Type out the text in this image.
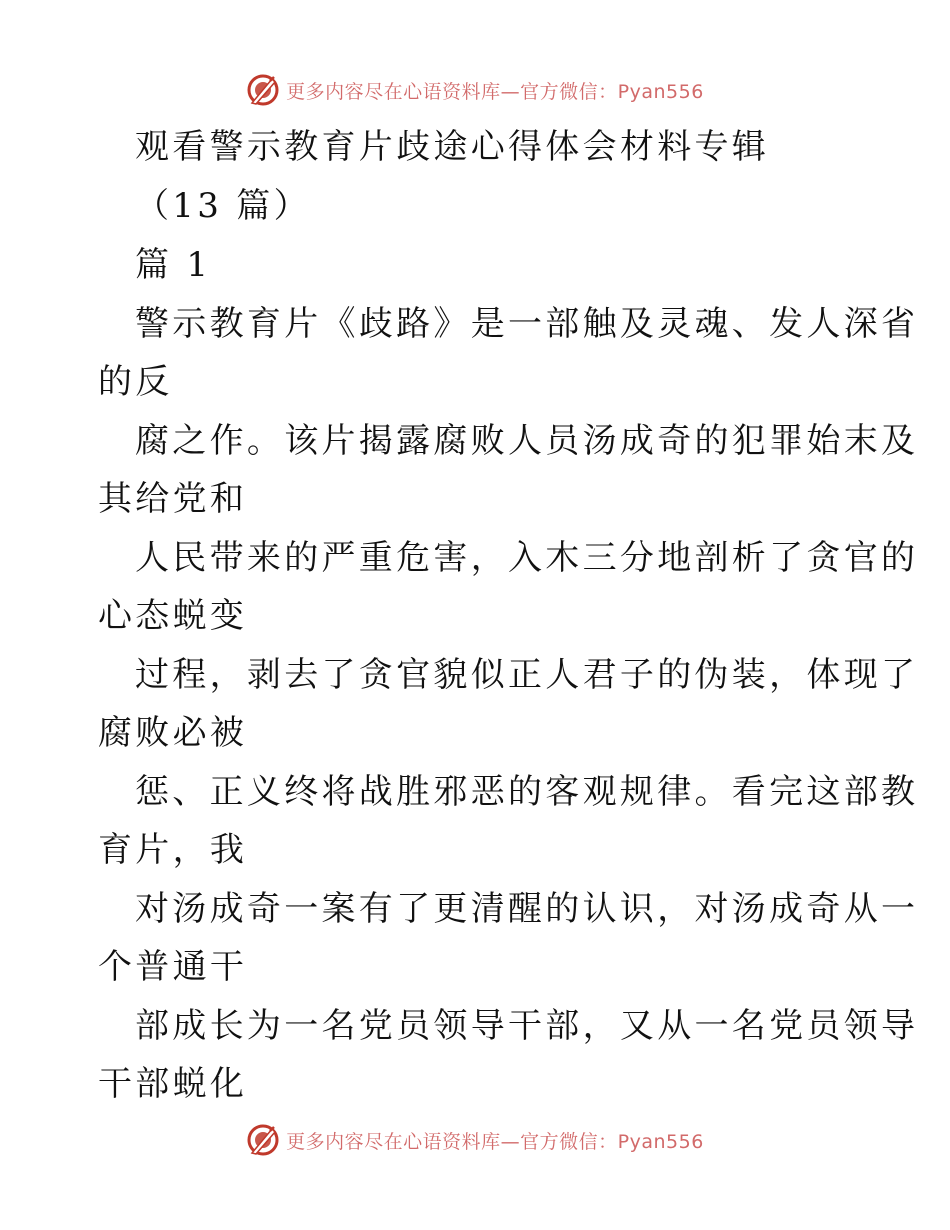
更多内容尽在心语资料库—官方微信：Pyan556
观看警示教育片歧途心得体会材料专辑
（13 篇）
篇 1
警示教育片《歧路》是一部触及灵魂、发人深省
的反
腐之作。该片揭露腐败人员汤成奇的犯罪始末及
其给党和
人民带来的严重危害，入木三分地剖析了贪官的
心态蜕变
过程，剥去了贪官貌似正人君子的伪装，体现了
腐败必被
惩、正义终将战胜邪恶的客观规律。看完这部教
育片，我
对汤成奇一案有了更清醒的认识，对汤成奇从一
个普通干
部成长为一名党员领导干部，又从一名党员领导
干部蜕化
更多内容尽在心语资料库—官方微信：Pyan556
